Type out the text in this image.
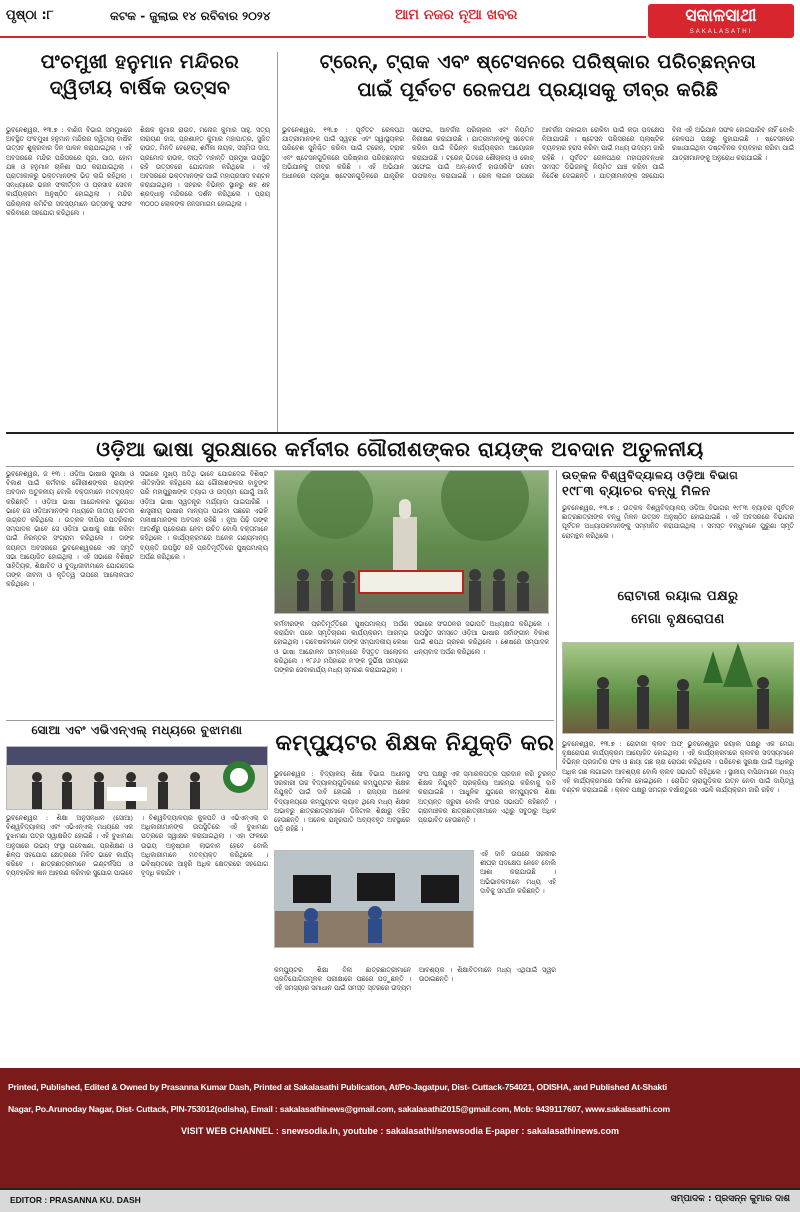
ପୃଷ୍ଠା :୮	କଟକ - ଜୁଲାଇ ୧୪ ରବିବାର ୨୦୨୪	ଆମ ନଜର ନୂଆ ଖବର	ସକାଳସାଥୀ
SAKALASATHI
ପଂଚମୁଖୀ ହନୁମାନ ମନ୍ଦିରର
ଦ୍ୱିତୀୟ ବାର୍ଷିକ ଉତ୍ସବ
ଭୁବନେଶ୍ୱର, ୧୩.୭ : ବାଣିଜ ବିଭାଗ ସମ୍ମୁଖରେ ଅବସ୍ଥିତ ପଂଚମୁଖୀ ହନୁମାନ ମନ୍ଦିରର ଦ୍ୱିତୀୟ ବାର୍ଷିକ ଉତ୍ସବ ଶୁକ୍ରବାର ଦିନ ପାଳନ କରାଯାଇଥିଲା । ଏହି ଅବସରରେ ମନ୍ଦିର ପରିସରରେ ପୂଜା, ପାଠ, ହୋମ ଯଜ୍ଞ ଓ ହନୁମାନ ଚାଳିଶା ପାଠ କରାଯାଇଥିଲା । ପ୍ରାତଃକାଳରୁ ଭକ୍ତମାନଙ୍କ ଭିଡ଼ ଲାଗି ରହିଥିଲା । ସନ୍ଧ୍ୟାରେ ଭଜନ ସଂକୀର୍ତ୍ତନ ଓ ପ୍ରସାଦ ସେବନ କାର୍ଯ୍ୟକ୍ରମ ଅନୁଷ୍ଠିତ ହୋଇଥିଲା । ମନ୍ଦିର ପରିଚାଳନା କମିଟିର ସଦସ୍ୟମାନେ ଉତ୍ସବକୁ ସଫଳ କରିବାରେ ସହଯୋଗ କରିଥିଲେ ।
ଶିକ୍ଷକ କୁମାର ରାଉତ, ମନୋଜ କୁମାର ସାହୁ, ସତ୍ୟ ନାରାୟଣ ଦାସ, ପ୍ରଶାନ୍ତ କୁମାର ମହାପାତ୍ର, ସୁଜିତ ରାଉତ, ମିନତି ବେହେରା, ଶର୍ମିଳା ନାୟକ, ସସ୍ମିତା ଦାସ, ପ୍ରମୋଦ ରାଉଳ, ଦୀପ୍ତି ମହାନ୍ତି ପ୍ରମୁଖ ଉପସ୍ଥିତ ରହି ଉତ୍ସବରେ ଯୋଗଦାନ କରିଥିଲେ । ଏହି ଅବସରରେ ଭକ୍ତମାନଙ୍କ ପାଇଁ ମହାପ୍ରସାଦ ବଣ୍ଟନ କରାଯାଇଥିଲା । ସହରର ବିଭିନ୍ନ ସ୍ଥାନରୁ ଶହ ଶହ ଶ୍ରଦ୍ଧାଳୁ ମନ୍ଦିରରେ ଦର୍ଶନ କରିଥିଲେ । ପ୍ରାୟ ୩୦୦୦ ଲୋକଙ୍କ ଜନସମାଗମ ହୋଇଥିଲା ।
ଟ୍ରେନ୍, ଟ୍ରାକ ଏବଂ ଷ୍ଟେସନରେ ପରିଷ୍କାର ପରିଚ୍ଛନ୍ନତା
ପାଇଁ ପୂର୍ବତଟ ରେଳପଥ ପ୍ରୟାସକୁ ତୀବ୍ର କରିଛି
ଭୁବନେଶ୍ୱର, ୧୩.୭ : ପୂର୍ବତଟ ରେଳପଥ ଯାତ୍ରୀମାନଙ୍କ ପାଇଁ ସ୍ୱଚ୍ଛ ଏବଂ ସ୍ୱାସ୍ଥ୍ୟକର ପରିବେଶ ସୁନିଶ୍ଚିତ କରିବା ପାଇଁ ଟ୍ରେନ୍, ଟ୍ରାକ ଏବଂ ଷ୍ଟେସନଗୁଡ଼ିକରେ ପରିଷ୍କାର ପରିଚ୍ଛନ୍ନତା ଅଭିଯାନକୁ ତୀବ୍ର କରିଛି । ଏହି ଅଭିଯାନ ଅଧୀନରେ ପ୍ରମୁଖ ଷ୍ଟେସନଗୁଡ଼ିକରେ ଯାନ୍ତ୍ରିକ ସଫେଇ, ଆବର୍ଜନା ପରିଚାଳନା ଏବଂ ନିୟମିତ ନିରୀକ୍ଷଣ କରାଯାଉଛି । ଯାତ୍ରୀମାନଙ୍କୁ ସଚେତନ କରିବା ପାଇଁ ବିଭିନ୍ନ କାର୍ଯ୍ୟକ୍ରମ ଆୟୋଜନ କରାଯାଉଛି । ଟ୍ରେନ୍ ଭିତରେ ଶୌଚାଳୟ ଓ କୋଚ୍ ସଫେଇ ପାଇଁ ଅନ୍-ବୋର୍ଡ ହାଉସକିପିଂ ସେବା ଉପଲବ୍ଧ କରାଯାଇଛି । ରେଳ ଲାଇନ ଉପରେ ଆବର୍ଜନା ପକାଇବା ରୋକିବା ପାଇଁ କଡ଼ା ପଦକ୍ଷେପ ନିଆଯାଉଛି । ଷ୍ଟେସନ ପରିସରରେ ପ୍ଲାଷ୍ଟିକ ବ୍ୟବହାର ହ୍ରାସ କରିବା ପାଇଁ ମଧ୍ୟ ଉଦ୍ୟମ ଜାରି ରହିଛି । ପୂର୍ବତଟ ରେଳପଥର ମହାପ୍ରବନ୍ଧକ ସମସ୍ତ ଡିଭିଜନକୁ ନିୟମିତ ଯାଞ୍ଚ କରିବା ପାଇଁ ନିର୍ଦ୍ଦେଶ ଦେଇଛନ୍ତି । ଯାତ୍ରୀମାନଙ୍କ ସହଯୋଗ ବିନା ଏହି ଅଭିଯାନ ସଫଳ ହୋଇପାରିବ ନାହିଁ ବୋଲି ରେଳପଥ ପକ୍ଷରୁ କୁହାଯାଇଛି । ଷ୍ଟେସନରେ ରଖାଯାଇଥିବା ଡଷ୍ଟବିନର ବ୍ୟବହାର କରିବା ପାଇଁ ଯାତ୍ରୀମାନଙ୍କୁ ଅନୁରୋଧ କରାଯାଇଛି ।
ଓଡ଼ିଆ ଭାଷା ସୁରକ୍ଷାରେ କର୍ମବୀର ଗୌରୀଶଙ୍କର ରାୟଙ୍କ ଅବଦାନ ଅତୁଳନୀୟ
ଭୁବନେଶ୍ୱର, ଜ ୧୩ : ଓଡ଼ିଆ ଭାଷାର ସୁରକ୍ଷା ଓ ବିକାଶ ପାଇଁ କର୍ମବୀର ଗୌରୀଶଙ୍କର ରାୟଙ୍କ ଅବଦାନ ଅତୁଳନୀୟ ବୋଲି ବକ୍ତାମାନେ ମତବ୍ୟକ୍ତ କରିଛନ୍ତି । ଓଡ଼ିଆ ଭାଷା ଆନ୍ଦୋଳନର ପୁରୋଧା ଭାବେ ସେ ଓଡ଼ିଆମାନଙ୍କ ମଧ୍ୟରେ ଜାତୀୟ ଚେତନା ଜାଗ୍ରତ କରିଥିଲେ । ଉତ୍କଳ ଦୀପିକା ପତ୍ରିକାର ସମ୍ପାଦକ ଭାବେ ସେ ଓଡ଼ିଆ ଭାଷାକୁ ରକ୍ଷା କରିବା ପାଇଁ ନିରନ୍ତର ସଂଗ୍ରାମ କରିଥିଲେ । ତାଙ୍କ ଜୟନ୍ତୀ ଅବସରରେ ଭୁବନେଶ୍ୱରରେ ଏକ ସ୍ମୃତି ସଭା ଆୟୋଜିତ ହୋଇଥିଲା । ଏହି ସଭାରେ ବିଶିଷ୍ଟ ସାହିତ୍ୟିକ, ଶିକ୍ଷାବିତ ଓ ବୁଦ୍ଧିଜୀବୀମାନେ ଯୋଗଦେଇ ତାଙ୍କ ଜୀବନୀ ଓ କୃତିତ୍ୱ ଉପରେ ଆଲୋକପାତ କରିଥିଲେ ।
ସଭାରେ ମୁଖ୍ୟ ଅତିଥି ଭାବେ ଯୋଗଦେଇ ବିଶିଷ୍ଟ ଐତିହାସିକ କହିଥିଲେ ଯେ ଗୌରୀଶଙ୍କର ବାବୁଙ୍କ ପରି ମହାପୁରୁଷଙ୍କ ତ୍ୟାଗ ଓ ଉଦ୍ୟମ ଯୋଗୁଁ ଆଜି ଓଡ଼ିଆ ଭାଷା ସ୍ୱତନ୍ତ୍ର ମର୍ଯ୍ୟାଦା ପାଇପାରିଛି । ଶାସ୍ତ୍ରୀୟ ଭାଷାର ମାନ୍ୟତା ପାଇବା ପଛରେ ଏଭଳି ମନୀଷୀମାନଙ୍କ ଅବଦାନ ରହିଛି । ନୂଆ ପିଢ଼ି ତାଙ୍କ ଆଦର୍ଶରୁ ପ୍ରେରଣା ନେବା ଉଚିତ ବୋଲି ବକ୍ତାମାନେ କହିଥିଲେ । କାର୍ଯ୍ୟକ୍ରମରେ ଅନେକ ଗଣ୍ୟମାନ୍ୟ ବ୍ୟକ୍ତି ଉପସ୍ଥିତ ରହି ପ୍ରତିମୂର୍ତ୍ତିରେ ପୁଷ୍ପମାଲ୍ୟ ଅର୍ପଣ କରିଥିଲେ ।
କର୍ମବୀରଙ୍କ ପ୍ରତିମୂର୍ତ୍ତିରେ ପୁଷ୍ପମାଲ୍ୟ ଅର୍ପଣ କରାଯିବା ପରେ ସ୍ମୃତିଚାରଣ କାର୍ଯ୍ୟକ୍ରମ ଆରମ୍ଭ ହୋଇଥିଲା । ଗବେଷକମାନେ ତାଙ୍କ ସମ୍ପାଦକୀୟ ଲେଖା ଓ ଭାଷା ଆନ୍ଦୋଳନ ସମ୍ବନ୍ଧରେ ବିସ୍ତୃତ ଆଲୋଚନା କରିଥିଲେ । ୧୮୬୬ ମସିହାରେ ନ'ଙ୍କ ଦୁର୍ଭିକ୍ଷ ସମୟରେ ତାଙ୍କର ସେବାକାର୍ଯ୍ୟ ମଧ୍ୟ ସ୍ମରଣ କରାଯାଇଥିଲା ।
ସଭାରେ ସଂଗଠନର ସଭାପତି ଅଧ୍ୟକ୍ଷତା କରିଥିଲେ । ଉପସ୍ଥିତ ସମସ୍ତେ ଓଡ଼ିଆ ଭାଷାର ସର୍ବାଙ୍ଗୀନ ବିକାଶ ପାଇଁ ଶପଥ ଗ୍ରହଣ କରିଥିଲେ । ଶେଷରେ ସମ୍ପାଦକ ଧନ୍ୟବାଦ ଅର୍ପଣ କରିଥିଲେ ।
ଉତ୍କଳ ବିଶ୍ୱବିଦ୍ୟାଳୟ ଓଡ଼ିଆ ବିଭାଗ
୧୯୮୩ ବ୍ୟାଚର ବନ୍ଧୁ ମିଳନ
ଭୁବନେଶ୍ୱର, ୧୩.୭ : ଉତ୍କଳ ବିଶ୍ୱବିଦ୍ୟାଳୟ ଓଡ଼ିଆ ବିଭାଗର ୧୯୮୩ ବ୍ୟାଚର ପୂର୍ବତନ ଛାତ୍ରଛାତ୍ରୀଙ୍କ ବନ୍ଧୁ ମିଳନ ଉତ୍ସବ ଅନୁଷ୍ଠିତ ହୋଇଯାଇଛି । ଏହି ଅବସରରେ ବିଭାଗର ପୂର୍ବତନ ଅଧ୍ୟାପକମାନଙ୍କୁ ସମ୍ମାନିତ କରାଯାଇଥିଲା । ସମସ୍ତ ବନ୍ଧୁମାନେ ପୁରୁଣା ସ୍ମୃତି ରୋମନ୍ଥନ କରିଥିଲେ ।
ରୋଟାରୀ ରୟାଲ ପକ୍ଷରୁ
ମେଗା ବୃକ୍ଷରୋପଣ
ଭୁବନେଶ୍ୱର, ୧୩.୭ : ରୋଟାରୀ କ୍ଲବ ଅଫ୍ ଭୁବନେଶ୍ୱର ରୟାଲ ପକ୍ଷରୁ ଏକ ମେଗା ବୃକ୍ଷରୋପଣ କାର୍ଯ୍ୟକ୍ରମ ଆୟୋଜିତ ହୋଇଥିଲା । ଏହି କାର୍ଯ୍ୟକ୍ରମରେ କ୍ଲବର ସଦସ୍ୟମାନେ ବିଭିନ୍ନ ପ୍ରଜାତିର ଫଳ ଓ ଛାୟା ଗଛ ଚାରା ରୋପଣ କରିଥିଲେ । ପରିବେଶ ସୁରକ୍ଷା ପାଇଁ ଅଧିକରୁ ଅଧିକ ଗଛ ଲଗାଇବା ଆବଶ୍ୟକ ବୋଲି କ୍ଲବ ସଭାପତି କହିଥିଲେ । ସ୍ଥାନୀୟ ବାସିନ୍ଦାମାନେ ମଧ୍ୟ ଏହି କାର୍ଯ୍ୟକ୍ରମରେ ସାମିଲ ହୋଇଥିଲେ । ରୋପିତ ଚାରାଗୁଡ଼ିକର ଯତ୍ନ ନେବା ପାଇଁ ଦାୟିତ୍ୱ ବଣ୍ଟନ କରାଯାଇଛି । କ୍ଲବ ପକ୍ଷରୁ ସମଗ୍ର ବର୍ଷାଋତୁରେ ଏଭଳି କାର୍ଯ୍ୟକ୍ରମ ଜାରି ରହିବ ।
ସୋଆ ଏବଂ ଏଭିଏନ୍ଏଲ୍ ମଧ୍ୟରେ ବୁଝାମଣା
ଭୁବନେଶ୍ୱର : ଶିକ୍ଷା ଅନୁସନ୍ଧାନ (ସୋଆ) ବିଶ୍ୱବିଦ୍ୟାଳୟ ଏବଂ ଏଭିଏନ୍ଏଲ୍ ମଧ୍ୟରେ ଏକ ବୁଝାମଣା ପତ୍ର ସ୍ୱାକ୍ଷରିତ ହୋଇଛି । ଏହି ବୁଝାମଣା ଅନୁସାରେ ଉଭୟ ସଂସ୍ଥା ଗବେଷଣା, ପ୍ରଶିକ୍ଷଣ ଓ ଶିଳ୍ପ ସହଯୋଗ କ୍ଷେତ୍ରରେ ମିଳିତ ଭାବେ କାର୍ଯ୍ୟ କରିବେ । ଛାତ୍ରଛାତ୍ରୀମାନେ ଇଣ୍ଟର୍ନସିପ ଓ ବ୍ୟବହାରିକ ଜ୍ଞାନ ଆହରଣ କରିବାର ସୁଯୋଗ ପାଇବେ । ବିଶ୍ୱବିଦ୍ୟାଳୟର କୁଳପତି ଓ ଏଭିଏନ୍ଏଲ୍ ର ଅଧିକାରୀମାନଙ୍କ ଉପସ୍ଥିତିରେ ଏହି ବୁଝାମଣା ପତ୍ରରେ ସ୍ୱାକ୍ଷର କରାଯାଇଥିଲା । ଏହା ଫଳରେ ଉଭୟ ଅନୁଷ୍ଠାନ ଲାଭବାନ ହେବେ ବୋଲି ଅଧିକାରୀମାନେ ମତବ୍ୟକ୍ତ କରିଥିଲେ । ଭବିଷ୍ୟତରେ ଆହୁରି ଅଧିକ କ୍ଷେତ୍ରରେ ସହଯୋଗ ବୃଦ୍ଧି କରାଯିବ ।
କମ୍ପ୍ୟୁଟର ଶିକ୍ଷକ ନିଯୁକ୍ତି କର
ଭୁବନେଶ୍ୱର : ବିଦ୍ୟାଳୟ ଶିକ୍ଷା ବିଭାଗ ଅଧୀନସ୍ଥ ସରକାରୀ ଉଚ୍ଚ ବିଦ୍ୟାଳୟଗୁଡ଼ିକରେ କମ୍ପ୍ୟୁଟର ଶିକ୍ଷକ ନିଯୁକ୍ତି ପାଇଁ ଦାବି ହୋଇଛି । ରାଜ୍ୟର ଅନେକ ବିଦ୍ୟାଳୟରେ କମ୍ପ୍ୟୁଟର ଲ୍ୟାବ ଥିଲେ ମଧ୍ୟ ଶିକ୍ଷକ ଅଭାବରୁ ଛାତ୍ରଛାତ୍ରୀମାନେ ଡିଜିଟାଲ ଶିକ୍ଷାରୁ ବଞ୍ଚିତ ହେଉଛନ୍ତି । ଅନେକ ଯନ୍ତ୍ରପାତି ଅବ୍ୟବହୃତ ଅବସ୍ଥାରେ ପଡ଼ି ରହିଛି ।
ସଂଘ ପକ୍ଷରୁ ଏକ ସ୍ମାରକପତ୍ର ପ୍ରଦାନ କରି ତୁରନ୍ତ ଶିକ୍ଷକ ନିଯୁକ୍ତି ପ୍ରକ୍ରିୟା ଆରମ୍ଭ କରିବାକୁ ଦାବି କରାଯାଇଛି । ଆଧୁନିକ ଯୁଗରେ କମ୍ପ୍ୟୁଟର ଶିକ୍ଷା ଅତ୍ୟନ୍ତ ଜରୁରୀ ବୋଲି ସଂଘର ସଭାପତି କହିଛନ୍ତି । ଗ୍ରାମାଞ୍ଚଳର ଛାତ୍ରଛାତ୍ରୀମାନେ ଏଥିରୁ ସବୁଠାରୁ ଅଧିକ ପ୍ରଭାବିତ ହେଉଛନ୍ତି ।
ଏହି ଦାବି ଉପରେ ସରକାର ଶୀଘ୍ର ପଦକ୍ଷେପ ନେବେ ବୋଲି ଆଶା କରାଯାଉଛି । ଅଭିଭାବକମାନେ ମଧ୍ୟ ଏହି ଦାବିକୁ ସମର୍ଥନ କରିଛନ୍ତି ।
କମ୍ପ୍ୟୁଟର ଶିକ୍ଷା ବିନା ଛାତ୍ରଛାତ୍ରୀମାନେ ପ୍ରତିଯୋଗିତାମୂଳକ ପରୀକ୍ଷାରେ ପଛରେ ପଡ଼ୁଛନ୍ତି । ଏହି ସମସ୍ୟାର ସମାଧାନ ପାଇଁ ସମସ୍ତ ସ୍ତରରେ ଉଦ୍ୟମ ଆବଶ୍ୟକ । ଶିକ୍ଷାବିତମାନେ ମଧ୍ୟ ଏଥିପାଇଁ ସ୍ୱର ଉଠାଇଛନ୍ତି ।
Printed, Published, Edited & Owned by Prasanna Kumar Dash, Printed at Sakalasathi Publication, At/Po-Jagatpur, Dist- Cuttack-754021, ODISHA, and Published At-Shakti
Nagar, Po.Arunoday Nagar, Dist- Cuttack, PIN-753012(odisha), Email : sakalasathinews@gmail.com, sakalasathi2015@gmail.com, Mob: 9439117607, www.sakalasathi.com
VISIT WEB CHANNEL : snewsodia.In, youtube : sakalasathi/snewsodia E-paper : sakalasathinews.com
EDITOR : PRASANNA KU. DASH	ସମ୍ପାଦକ : ପ୍ରସନ୍ନ କୁମାର ଦାଶ
